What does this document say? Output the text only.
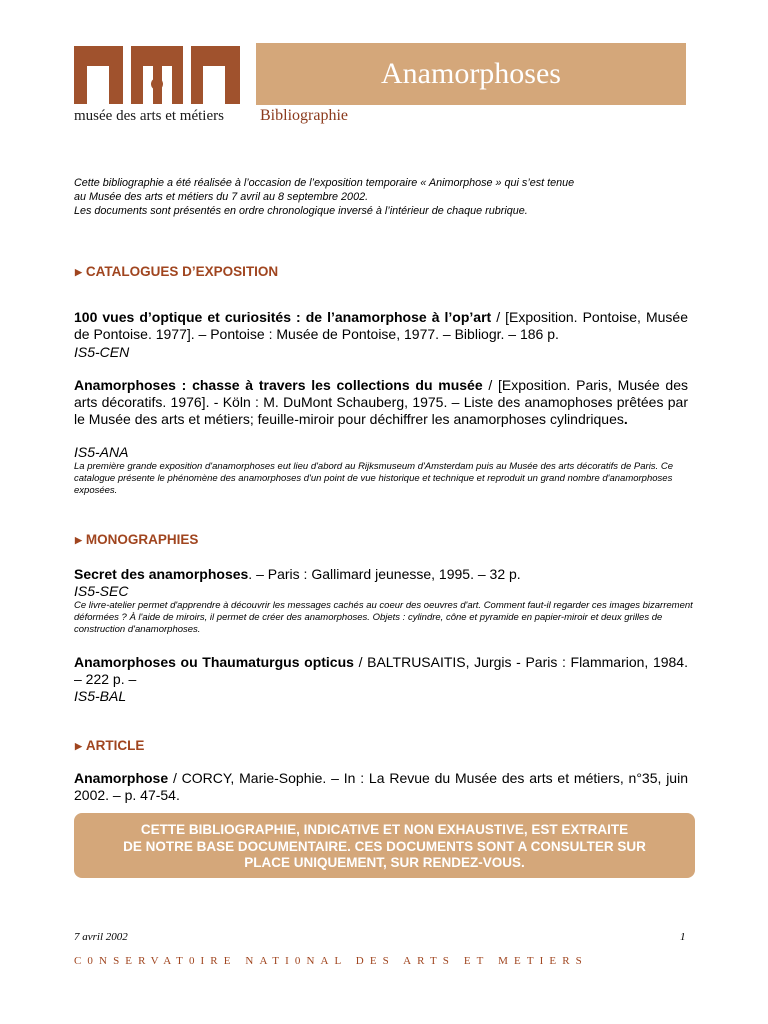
musée des arts et métiers
Anamorphoses
Bibliographie
Cette bibliographie a été réalisée à l’occasion de l’exposition temporaire « Animorphose » qui s’est tenue
au Musée des arts et métiers du 7 avril au 8 septembre 2002.
Les documents sont présentés en ordre chronologique inversé à l’intérieur de chaque rubrique.
▶ CATALOGUES D’EXPOSITION
100 vues d’optique et curiosités : de l’anamorphose à l’op’art / [Exposition. Pontoise, Musée de Pontoise. 1977]. – Pontoise : Musée de Pontoise, 1977. – Bibliogr. – 186 p.
IS5-CEN
Anamorphoses : chasse à travers les collections du musée / [Exposition. Paris, Musée des arts décoratifs. 1976]. - Köln : M. DuMont Schauberg, 1975. – Liste des anamophoses prêtées par le Musée des arts et métiers; feuille-miroir pour déchiffrer les anamorphoses cylindriques.
IS5-ANA
La première grande exposition d'anamorphoses eut lieu d'abord au Rijksmuseum d'Amsterdam puis au Musée des arts décoratifs de Paris. Ce catalogue présente le phénomène des anamorphoses d'un point de vue historique et technique et reproduit un grand nombre d'anamorphoses exposées.
▶ MONOGRAPHIES
Secret des anamorphoses. – Paris : Gallimard jeunesse, 1995. – 32 p.
IS5-SEC
Ce livre-atelier permet d'apprendre à découvrir les messages cachés au coeur des oeuvres d'art. Comment faut-il regarder ces images bizarrement déformées ? À l'aide de miroirs, il permet de créer des anamorphoses. Objets : cylindre, cône et pyramide en papier-miroir et deux grilles de construction d'anamorphoses.
Anamorphoses ou Thaumaturgus opticus / BALTRUSAITIS, Jurgis - Paris : Flammarion, 1984. – 222 p. –
IS5-BAL
▶ ARTICLE
Anamorphose / CORCY, Marie-Sophie. – In : La Revue du Musée des arts et métiers, n°35, juin 2002. – p. 47-54.
CETTE BIBLIOGRAPHIE, INDICATIVE ET NON EXHAUSTIVE, EST EXTRAITE
DE NOTRE BASE DOCUMENTAIRE. CES DOCUMENTS SONT A CONSULTER SUR
PLACE UNIQUEMENT, SUR RENDEZ-VOUS.
7 avril 2002	1
C0NSERVAT0IRE NATI0NAL DES ARTS ET METIERS
